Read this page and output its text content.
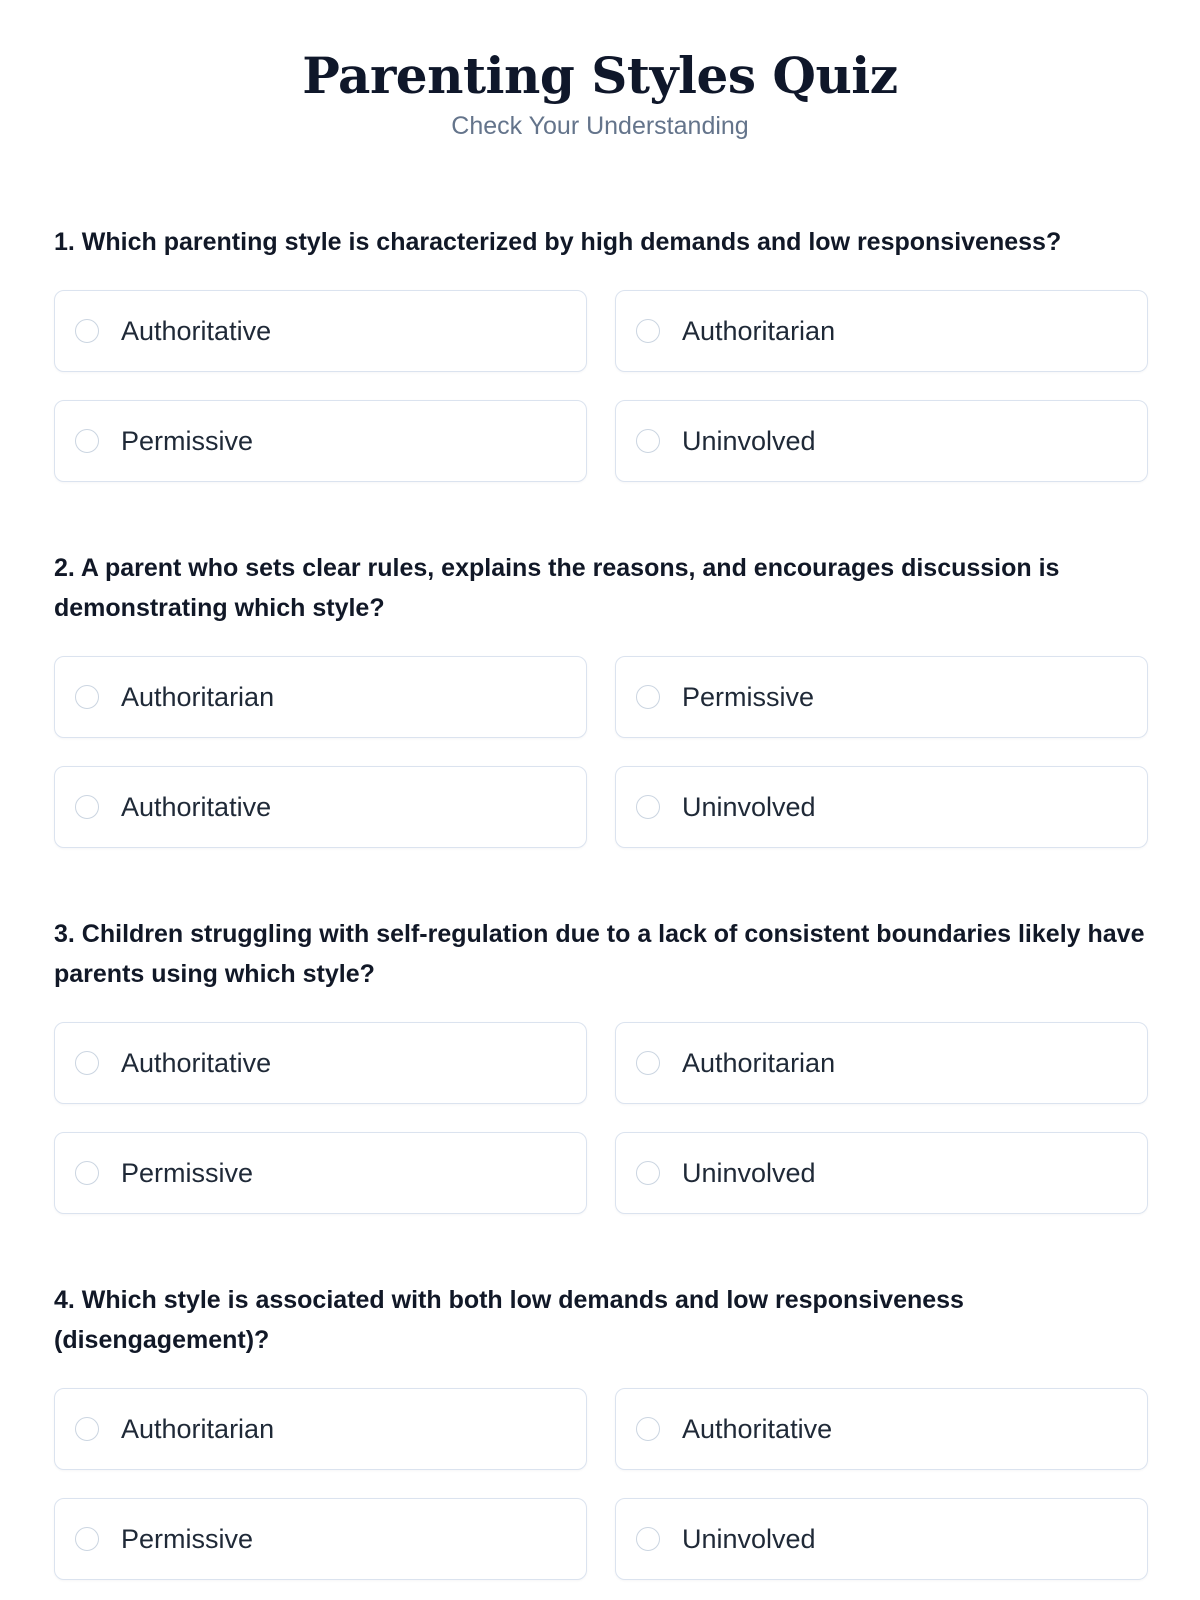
Parenting Styles Quiz
Check Your Understanding

1. Which parenting style is characterized by high demands and low responsiveness?

Authoritative	Authoritarian
Permissive	Uninvolved

2. A parent who sets clear rules, explains the reasons, and encourages discussion is demonstrating which style?

Authoritarian	Permissive
Authoritative	Uninvolved

3. Children struggling with self-regulation due to a lack of consistent boundaries likely have parents using which style?

Authoritative	Authoritarian
Permissive	Uninvolved

4. Which style is associated with both low demands and low responsiveness (disengagement)?

Authoritarian	Authoritative
Permissive	Uninvolved
